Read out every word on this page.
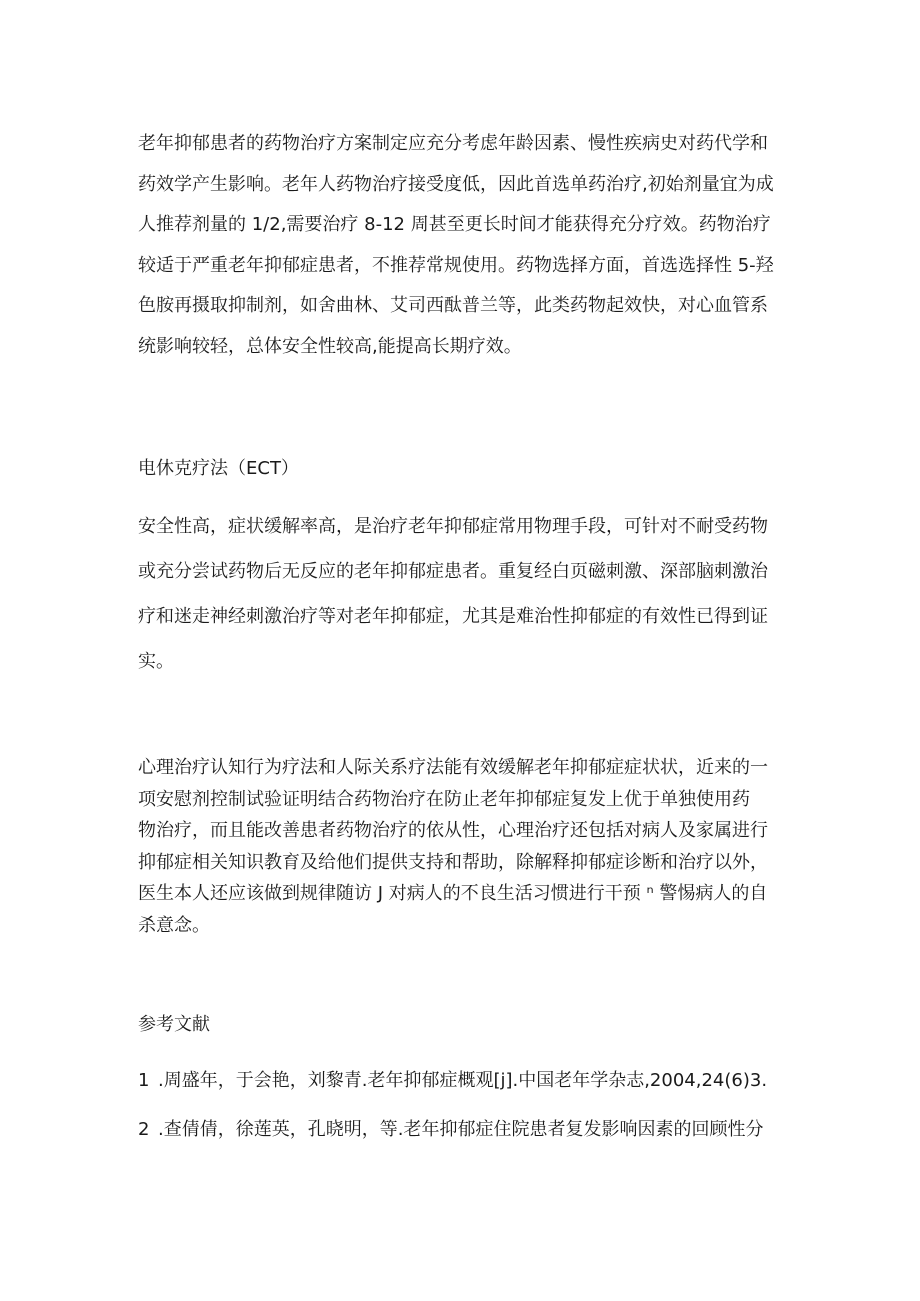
老年抑郁患者的药物治疗方案制定应充分考虑年龄因素、慢性疾病史对药代学和
药效学产生影响。老年人药物治疗接受度低，因此首选单药治疗,初始剂量宜为成
人推荐剂量的 1/2,需要治疗 8-12 周甚至更长时间才能获得充分疗效。药物治疗
较适于严重老年抑郁症患者，不推荐常规使用。药物选择方面，首选选择性 5-羟
色胺再摄取抑制剂，如舍曲林、艾司西酞普兰等，此类药物起效快，对心血管系
统影响较轻，总体安全性较高,能提高长期疗效。
电休克疗法（ECT）
安全性高，症状缓解率高，是治疗老年抑郁症常用物理手段，可针对不耐受药物
或充分尝试药物后无反应的老年抑郁症患者。重复经白页磁刺激、深部脑刺激治
疗和迷走神经刺激治疗等对老年抑郁症，尤其是难治性抑郁症的有效性已得到证
实。
心理治疗认知行为疗法和人际关系疗法能有效缓解老年抑郁症症状状，近来的一
项安慰剂控制试验证明结合药物治疗在防止老年抑郁症复发上优于单独使用药
物治疗，而且能改善患者药物治疗的依从性，心理治疗还包括对病人及家属进行
抑郁症相关知识教育及给他们提供支持和帮助，除解释抑郁症诊断和治疗以外，
医生本人还应该做到规律随访 J 对病人的不良生活习惯进行干预 ⁿ 警惕病人的自
杀意念。
参考文献
1 .周盛年，于会艳，刘黎青.老年抑郁症概观[j].中国老年学杂志,2004,24(6)3.
2 .查倩倩，徐莲英，孔晓明，等.老年抑郁症住院患者复发影响因素的回顾性分
